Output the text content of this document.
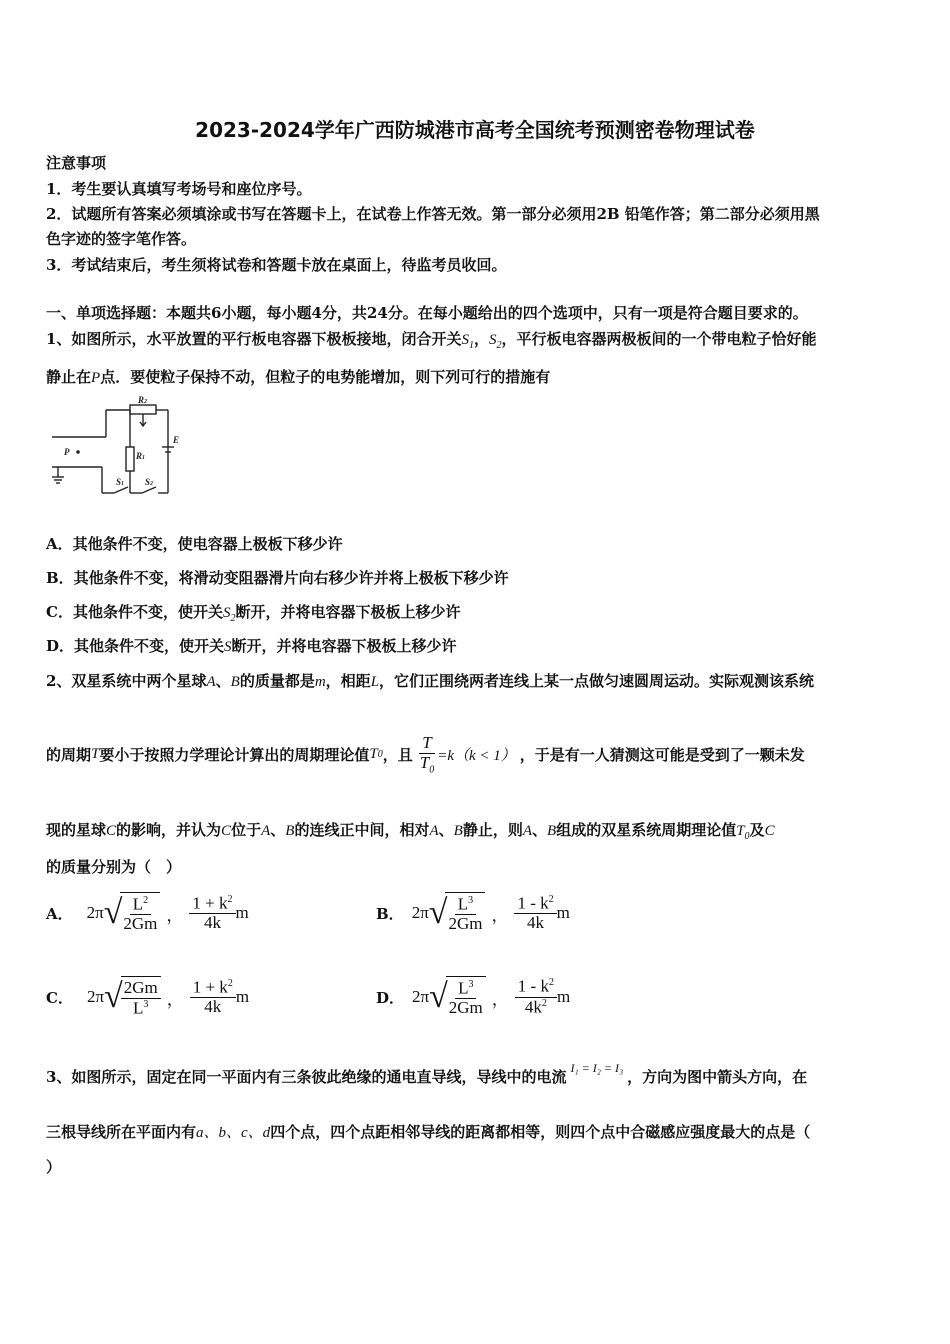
2023-2024学年广西防城港市高考全国统考预测密卷物理试卷
注意事项
1．考生要认真填写考场号和座位序号。
2．试题所有答案必须填涂或书写在答题卡上，在试卷上作答无效。第一部分必须用2B 铅笔作答；第二部分必须用黑
色字迹的签字笔作答。
3．考试结束后，考生须将试卷和答题卡放在桌面上，待监考员收回。
一、单项选择题：本题共6小题，每小题4分，共24分。在每小题给出的四个选项中，只有一项是符合题目要求的。
1、如图所示，水平放置的平行板电容器下极板接地，闭合开关$S_1$，$S_2$，平行板电容器两极板间的一个带电粒子恰好能
静止在P点．要使粒子保持不动，但粒子的电势能增加，则下列可行的措施有
R2
R1
E
P
S1 S2
A．其他条件不变，使电容器上极板下移少许
B．其他条件不变，将滑动变阻器滑片向右移少许并将上极板下移少许
C．其他条件不变，使开关$S_2$断开，并将电容器下极板上移少许
D．其他条件不变，使开关S断开，并将电容器下极板上移少许
2、双星系统中两个星球A、B的质量都是m，相距L，它们正围绕两者连线上某一点做匀速圆周运动。实际观测该系统
的周期 T 要小于按照力学理论计算出的周期理论值 T 0 ，且 $\frac{T}{T_0} =k(k < 1)$ ，于是有一人猜测这可能是受到了一颗未发
现的星球C的影响，并认为C位于A、B的连线正中间，相对A、B静止，则A、B组成的双星系统周期理论值$T_0$及C
的质量分别为（　）
A． 2π √
$\frac{L^2}{2Gm}$ ， $\frac{1 + k^2}{4k}$ m	B． 2π √
$\frac{L^3}{2Gm}$ ， $\frac{1 - k^2}{4k}$ m
C． 2π √
$\frac{2Gm}{L^3}$ ， $\frac{1 + k^2}{4k}$ m	D． 2π √
$\frac{L^3}{2Gm}$ ， $\frac{1 - k^2}{4k^2}$ m
3、如图所示，固定在同一平面内有三条彼此绝缘的通电直导线，导线中的电流 I₁ = I₂ = I₃ ，方向为图中箭头方向，在
三根导线所在平面内有a、b、c、d四个点，四个点距相邻导线的距离都相等，则四个点中合磁感应强度最大的点是（
）
